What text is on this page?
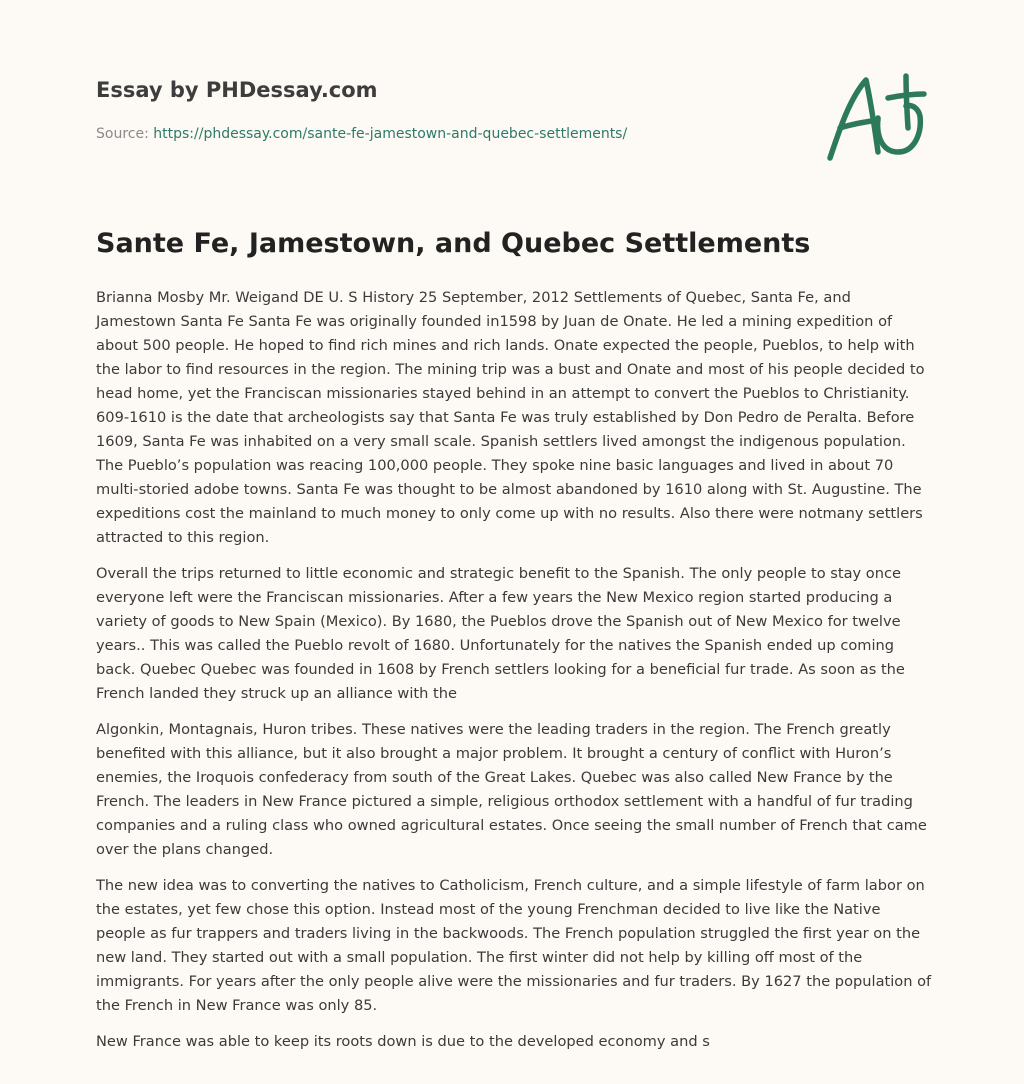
Essay by PHDessay.com

Source: https://phdessay.com/sante-fe-jamestown-and-quebec-settlements/

Sante Fe, Jamestown, and Quebec Settlements

Brianna Mosby Mr. Weigand DE U. S History 25 September, 2012 Settlements of Quebec, Santa Fe, and Jamestown Santa Fe Santa Fe was originally founded in1598 by Juan de Onate. He led a mining expedition of about 500 people. He hoped to find rich mines and rich lands. Onate expected the people, Pueblos, to help with the labor to find resources in the region. The mining trip was a bust and Onate and most of his people decided to head home, yet the Franciscan missionaries stayed behind in an attempt to convert the Pueblos to Christianity. 609-1610 is the date that archeologists say that Santa Fe was truly established by Don Pedro de Peralta. Before 1609, Santa Fe was inhabited on a very small scale. Spanish settlers lived amongst the indigenous population. The Pueblo’s population was reacing 100,000 people. They spoke nine basic languages and lived in about 70 multi-storied adobe towns. Santa Fe was thought to be almost abandoned by 1610 along with St. Augustine. The expeditions cost the mainland to much money to only come up with no results. Also there were notmany settlers attracted to this region.

Overall the trips returned to little economic and strategic benefit to the Spanish. The only people to stay once everyone left were the Franciscan missionaries. After a few years the New Mexico region started producing a variety of goods to New Spain (Mexico). By 1680, the Pueblos drove the Spanish out of New Mexico for twelve years.. This was called the Pueblo revolt of 1680. Unfortunately for the natives the Spanish ended up coming back. Quebec Quebec was founded in 1608 by French settlers looking for a beneficial fur trade. As soon as the French landed they struck up an alliance with the

Algonkin, Montagnais, Huron tribes. These natives were the leading traders in the region. The French greatly benefited with this alliance, but it also brought a major problem. It brought a century of conflict with Huron’s enemies, the Iroquois confederacy from south of the Great Lakes. Quebec was also called New France by the French. The leaders in New France pictured a simple, religious orthodox settlement with a handful of fur trading companies and a ruling class who owned agricultural estates. Once seeing the small number of French that came over the plans changed.

The new idea was to converting the natives to Catholicism, French culture, and a simple lifestyle of farm labor on the estates, yet few chose this option. Instead most of the young Frenchman decided to live like the Native people as fur trappers and traders living in the backwoods. The French population struggled the first year on the new land. They started out with a small population. The first winter did not help by killing off most of the immigrants. For years after the only people alive were the missionaries and fur traders. By 1627 the population of the French in New France was only 85.

New France was able to keep its roots down is due to the developed economy and s
